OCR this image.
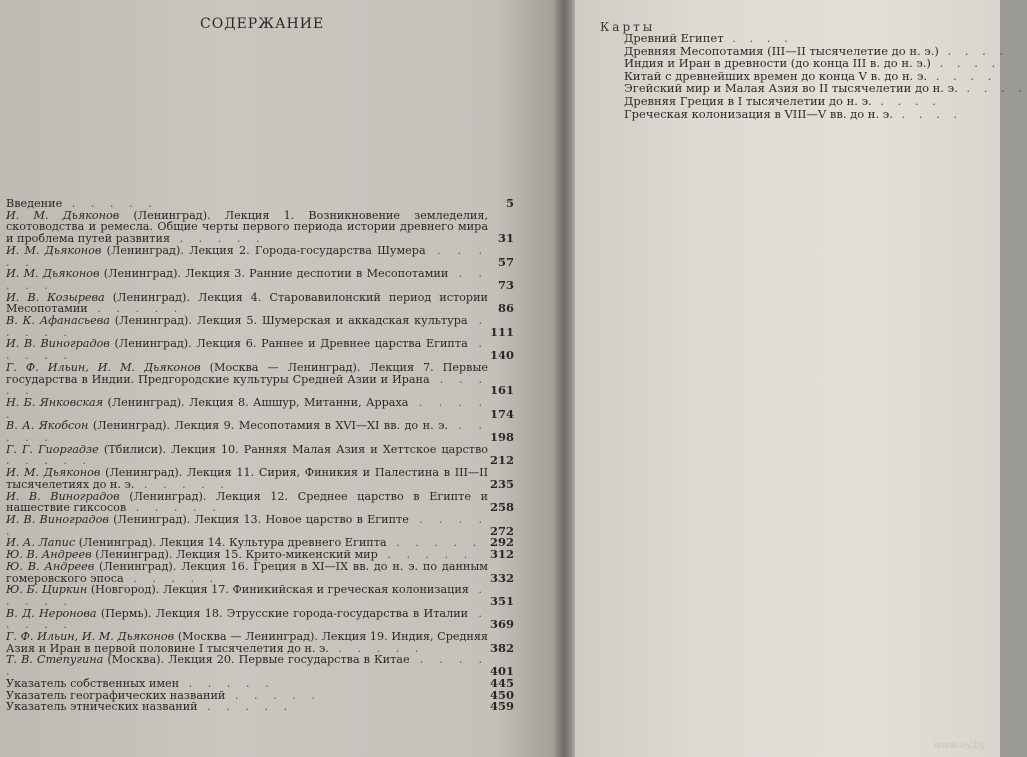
СОДЕРЖАНИЕ
Введение . . . . .	5
И. М. Дьяконов (Ленинград). Лекция 1. Возникновение земледелия, скотоводства и ремесла. Общие черты первого периода истории древнего мира и проблема путей развития . . . . .	31
И. М. Дьяконов (Ленинград). Лекция 2. Города-государства Шумера . . . . .	57
И. М. Дьяконов (Ленинград). Лекция 3. Ранние деспотии в Месопотамии . . . . .	73
И. В. Козырева (Ленинград). Лекция 4. Старовавилонский период истории Месопотамии . . . . .	86
В. К. Афанасьева (Ленинград). Лекция 5. Шумерская и аккадская культура . . . . .	111
И. В. Виноградов (Ленинград). Лекция 6. Раннее и Древнее царства Египта . . . . .	140
Г. Ф. Ильин, И. М. Дьяконов (Москва — Ленинград). Лекция 7. Первые государства в Индии. Предгородские культуры Средней Азии и Ирана . . . . .	161
Н. Б. Янковская (Ленинград). Лекция 8. Ашшур, Митанни, Арраха . . . . .	174
В. А. Якобсон (Ленинград). Лекция 9. Месопотамия в XVI—XI вв. до н. э. . . . . .	198
Г. Г. Гиоргадзе (Тбилиси). Лекция 10. Ранняя Малая Азия и Хеттское царство . . . . .	212
И. М. Дьяконов (Ленинград). Лекция 11. Сирия, Финикия и Палестина в III—II тысячелетиях до н. э. . . . . .	235
И. В. Виноградов (Ленинград). Лекция 12. Среднее царство в Египте и нашествие гиксосов . . . . .	258
И. В. Виноградов (Ленинград). Лекция 13. Новое царство в Египте . . . . .	272
И. А. Лапис (Ленинград). Лекция 14. Культура древнего Египта . . . . . 292
Ю. В. Андреев (Ленинград). Лекция 15. Крито-микенский мир . . . . .	312
Ю. В. Андреев (Ленинград). Лекция 16. Греция в XI—IX вв. до н. э. по данным гомеровского эпоса . . . . .	332
Ю. Б. Циркин (Новгород). Лекция 17. Финикийская и греческая колонизация . . . . .	351
В. Д. Неронова (Пермь). Лекция 18. Этрусские города-государства в Италии . . . . .	369
Г. Ф. Ильин, И. М. Дьяконов (Москва — Ленинград). Лекция 19. Индия, Средняя Азия и Иран в первой половине I тысячелетия до н. э. . . . . .	382
Т. В. Степугина (Москва). Лекция 20. Первые государства в Китае . . . . .	401
Указатель собственных имен . . . . .	445
Указатель географических названий . . . . .	450
Указатель этнических названий . . . . .	459
Карты
Древний Египет . . . .
Древняя Месопотамия (III—II тысячелетие до н. э.) . . . .
Индия и Иран в древности (до конца III в. до н. э.) . . . .
Китай с древнейших времен до конца V в. до н. э. . . . .
Эгейский мир и Малая Азия во II тысячелетии до н. э. . . . .
Древняя Греция в I тысячелетии до н. э. . . . .
Греческая колонизация в VIII—V вв. до н. э. . . . .
www.ay.by
